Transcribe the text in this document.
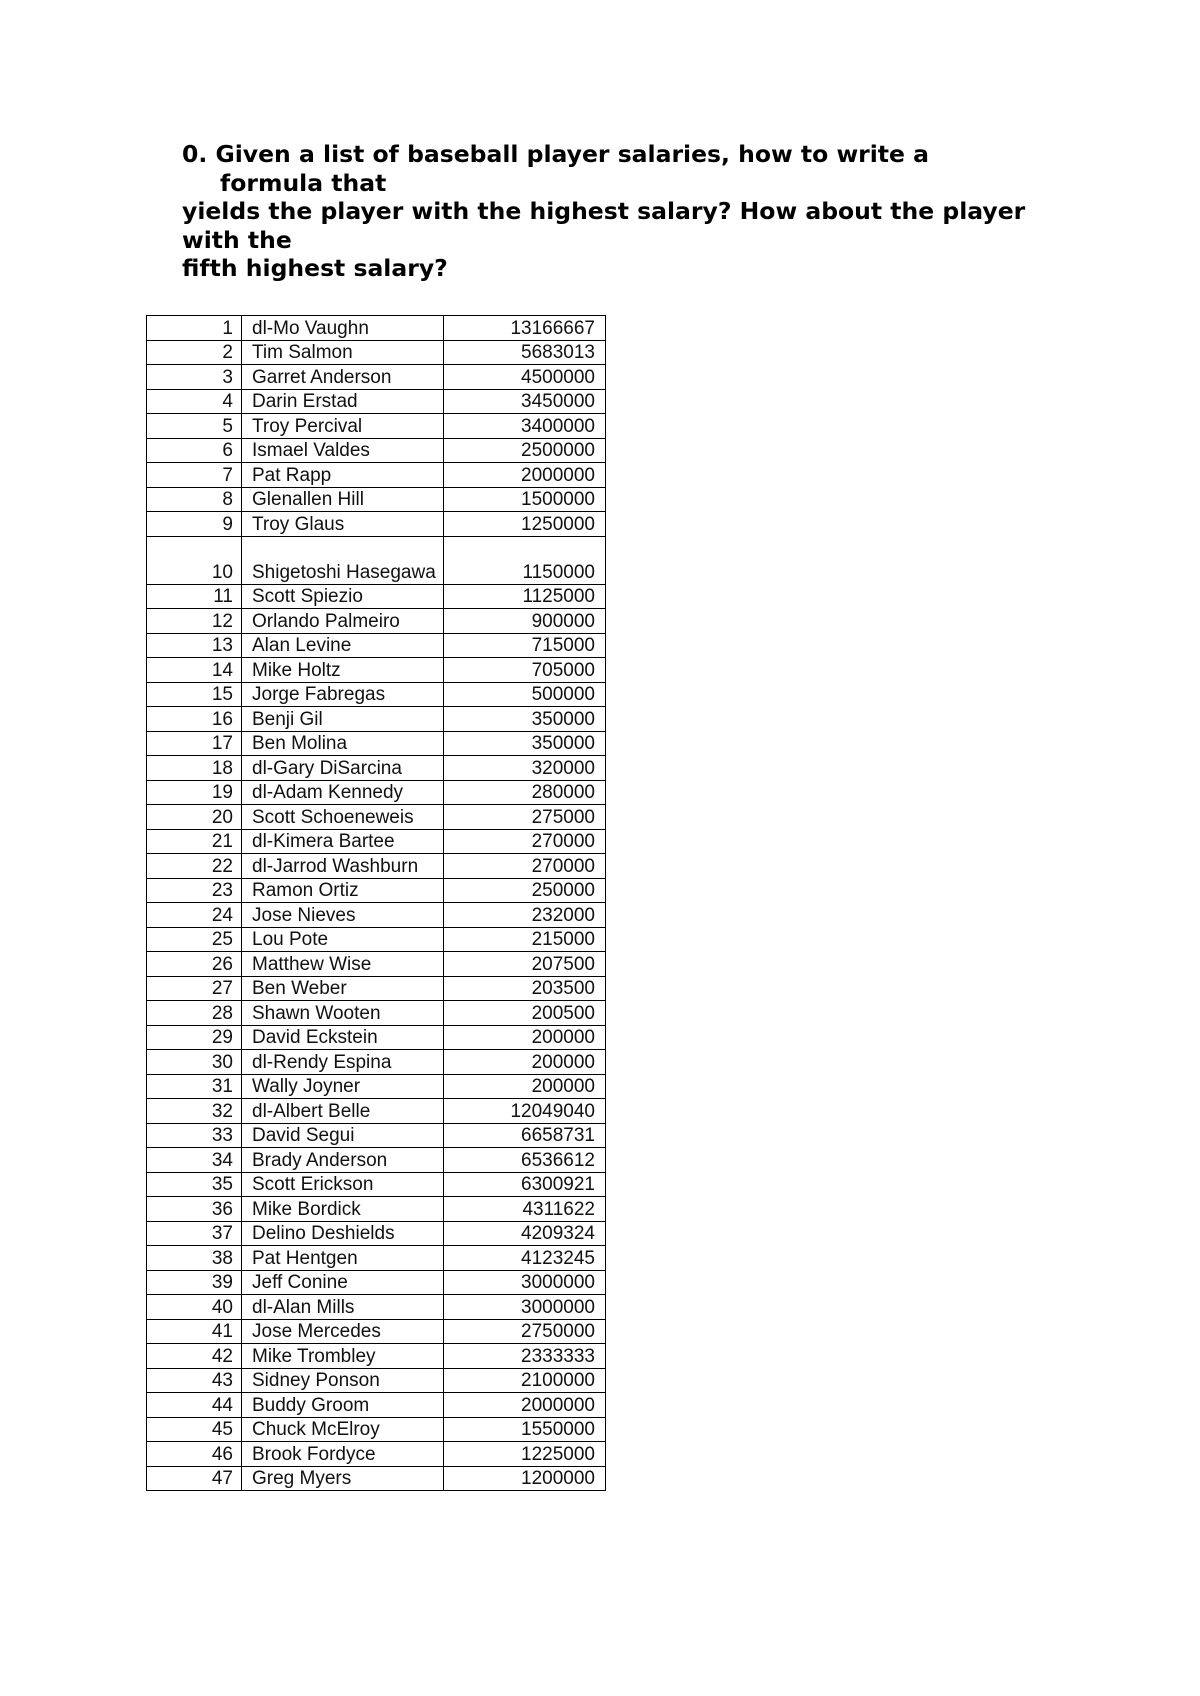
0. Given a list of baseball player salaries, how to write a
formula that
yields the player with the highest salary? How about the player
with the
fifth highest salary?

1	dl-Mo Vaughn	13166667
2	Tim Salmon	5683013
3	Garret Anderson	4500000
4	Darin Erstad	3450000
5	Troy Percival	3400000
6	Ismael Valdes	2500000
7	Pat Rapp	2000000
8	Glenallen Hill	1500000
9	Troy Glaus	1250000
10	Shigetoshi Hasegawa	1150000
11	Scott Spiezio	1125000
12	Orlando Palmeiro	900000
13	Alan Levine	715000
14	Mike Holtz	705000
15	Jorge Fabregas	500000
16	Benji Gil	350000
17	Ben Molina	350000
18	dl-Gary DiSarcina	320000
19	dl-Adam Kennedy	280000
20	Scott Schoeneweis	275000
21	dl-Kimera Bartee	270000
22	dl-Jarrod Washburn	270000
23	Ramon Ortiz	250000
24	Jose Nieves	232000
25	Lou Pote	215000
26	Matthew Wise	207500
27	Ben Weber	203500
28	Shawn Wooten	200500
29	David Eckstein	200000
30	dl-Rendy Espina	200000
31	Wally Joyner	200000
32	dl-Albert Belle	12049040
33	David Segui	6658731
34	Brady Anderson	6536612
35	Scott Erickson	6300921
36	Mike Bordick	4311622
37	Delino Deshields	4209324
38	Pat Hentgen	4123245
39	Jeff Conine	3000000
40	dl-Alan Mills	3000000
41	Jose Mercedes	2750000
42	Mike Trombley	2333333
43	Sidney Ponson	2100000
44	Buddy Groom	2000000
45	Chuck McElroy	1550000
46	Brook Fordyce	1225000
47	Greg Myers	1200000
